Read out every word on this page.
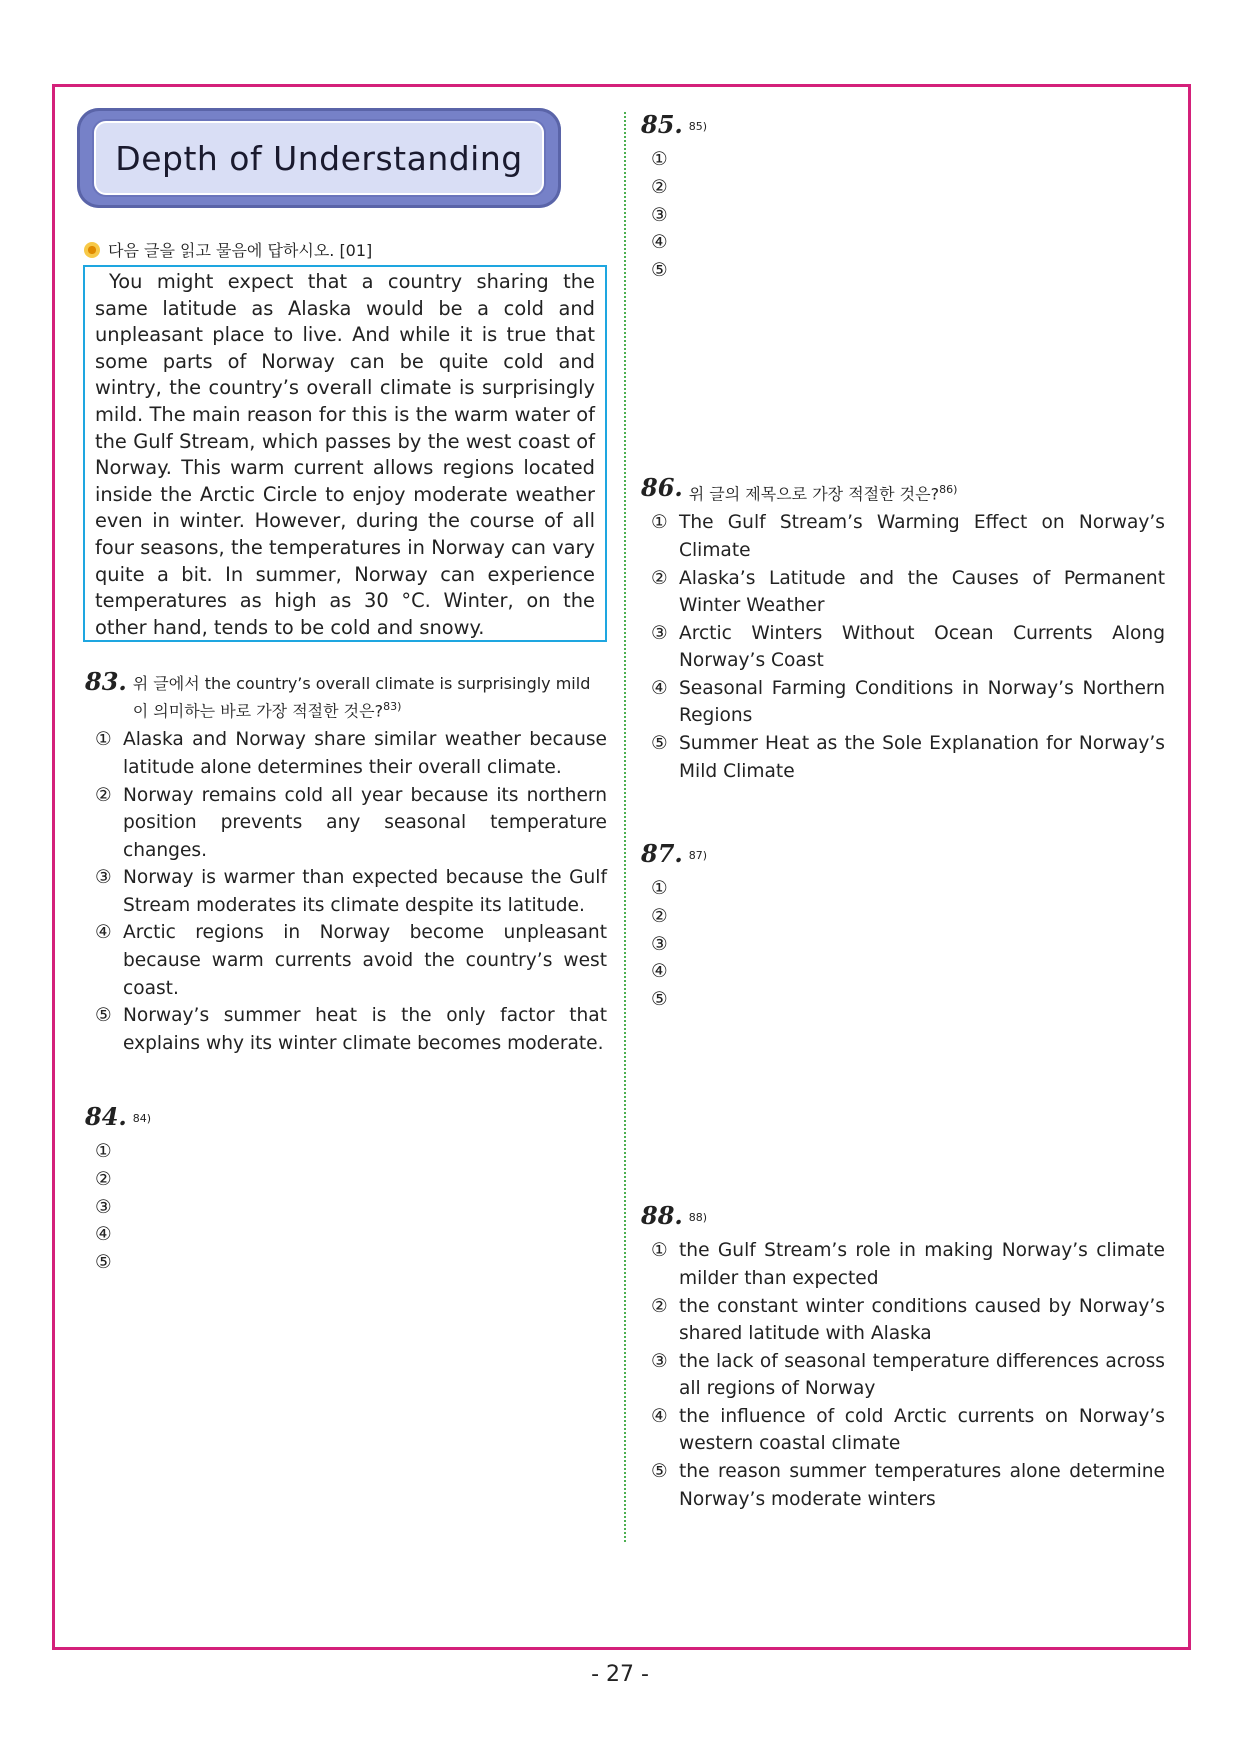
Depth of Understanding
다음 글을 읽고 물음에 답하시오. [01]
You might expect that a country sharing the same latitude as Alaska would be a cold and unpleasant place to live. And while it is true that some parts of Norway can be quite cold and wintry, the country’s overall climate is surprisingly mild. The main reason for this is the warm water of the Gulf Stream, which passes by the west coast of Norway. This warm current allows regions located inside the Arctic Circle to enjoy moderate weather even in winter. However, during the course of all four seasons, the temperatures in Norway can vary quite a bit. In summer, Norway can experience temperatures as high as 30 °C. Winter, on the other hand, tends to be cold and snowy.
83. 위 글에서 the country’s overall climate is surprisingly mild 이 의미하는 바로 가장 적절한 것은?$^{83)}$
① Alaska and Norway share similar weather because latitude alone determines their overall climate.
② Norway remains cold all year because its northern position prevents any seasonal temperature changes.
③ Norway is warmer than expected because the Gulf Stream moderates its climate despite its latitude.
④ Arctic regions in Norway become unpleasant because warm currents avoid the country’s west coast.
⑤ Norway’s summer heat is the only factor that explains why its winter climate becomes moderate.
84. $^{84)}$
①
②
③
④
⑤
85. $^{85)}$
①
②
③
④
⑤
86. 위 글의 제목으로 가장 적절한 것은?$^{86)}$
① The Gulf Stream’s Warming Effect on Norway’s Climate
② Alaska’s Latitude and the Causes of Permanent Winter Weather
③ Arctic Winters Without Ocean Currents Along Norway’s Coast
④ Seasonal Farming Conditions in Norway’s Northern Regions
⑤ Summer Heat as the Sole Explanation for Norway’s Mild Climate
87. $^{87)}$
①
②
③
④
⑤
88. $^{88)}$
① the Gulf Stream’s role in making Norway’s climate milder than expected
② the constant winter conditions caused by Norway’s shared latitude with Alaska
③ the lack of seasonal temperature differences across all regions of Norway
④ the influence of cold Arctic currents on Norway’s western coastal climate
⑤ the reason summer temperatures alone determine Norway’s moderate winters
- 27 -
